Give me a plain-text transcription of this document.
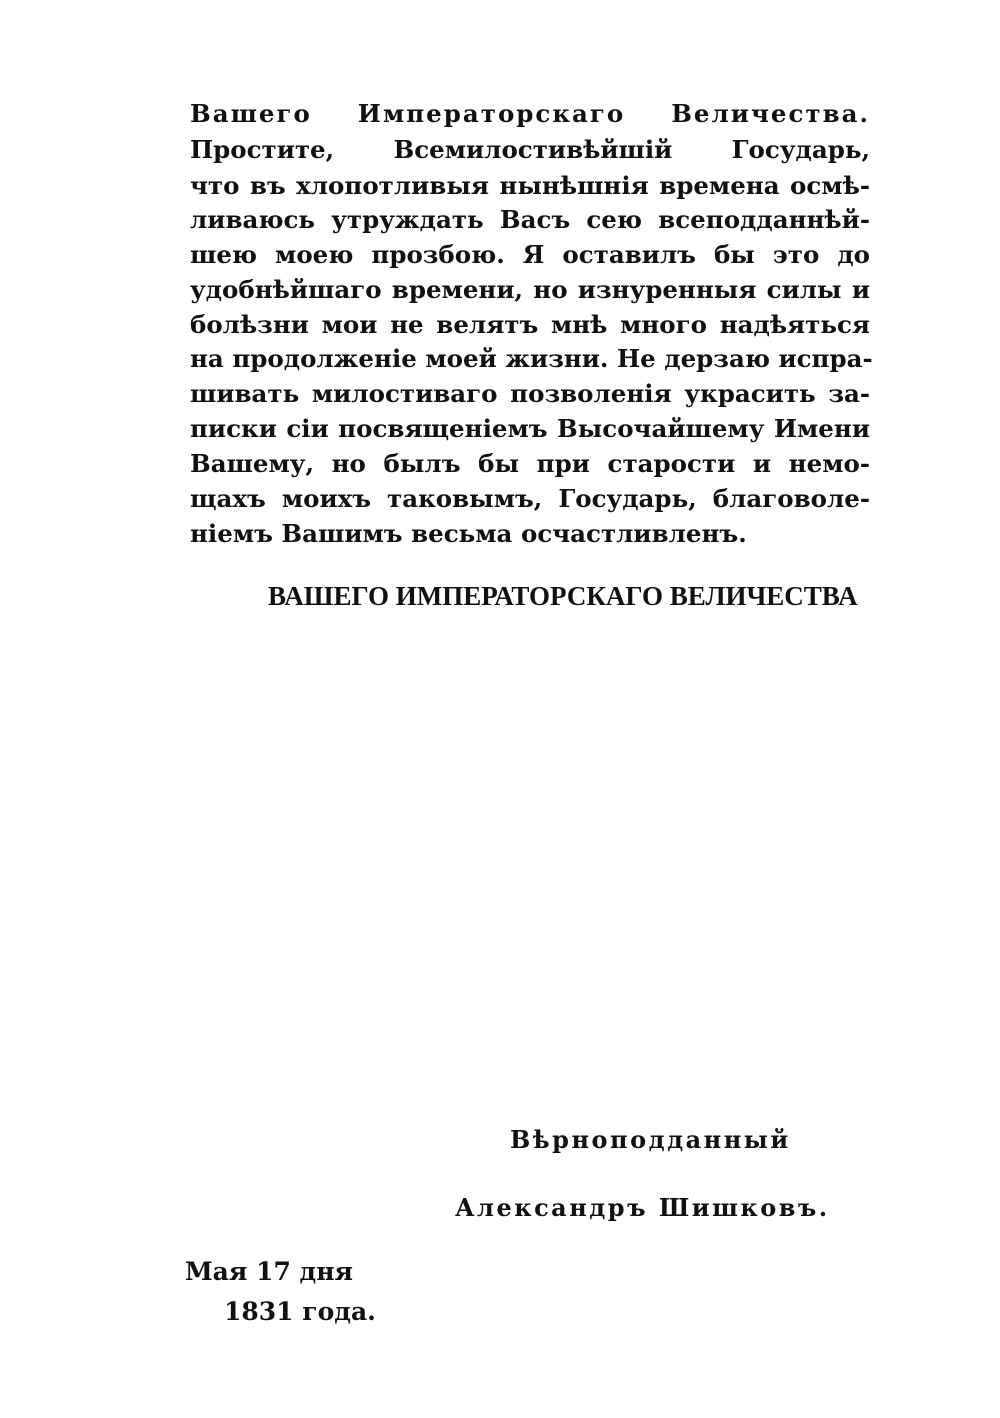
Вашего Императорскаго Величества.
Простите, Всемилостивѣйшій Государь,
что въ хлопотливыя нынѣшнія времена осмѣ-
ливаюсь утруждать Васъ сею всеподданнѣй-
шею моею прозбою. Я оставилъ бы это до
удобнѣйшаго времени, но изнуренныя силы и
болѣзни мои не велятъ мнѣ много надѣяться
на продолженіе моей жизни. Не дерзаю испра-
шивать милостиваго позволенія украсить за-
писки сіи посвященіемъ Высочайшему Имени
Вашему, но былъ бы при старости и немо-
щахъ моихъ таковымъ, Государь, благоволе-
ніемъ Вашимъ весьма осчастливленъ.
ВАШЕГО ИМПЕРАТОРСКАГО ВЕЛИЧЕСТВА
Вѣрноподданный
Александръ Шишковъ.
Мая 17 дня
1831 года.
